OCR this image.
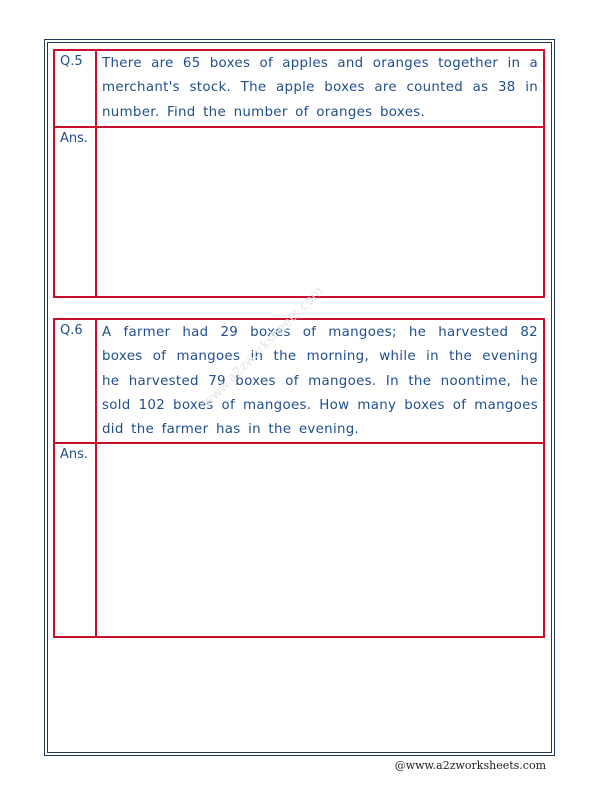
Q.5	There are 65 boxes of apples and oranges together in a merchant's stock. The apple boxes are counted as 38 in number. Find the number of oranges boxes.
Ans.
Q.6	A farmer had 29 boxes of mangoes; he harvested 82 boxes of mangoes in the morning, while in the evening he harvested 79 boxes of mangoes. In the noontime, he sold 102 boxes of mangoes. How many boxes of mangoes did the farmer has in the evening.
Ans.
www.a2zworksheets.com
@www.a2zworksheets.com
